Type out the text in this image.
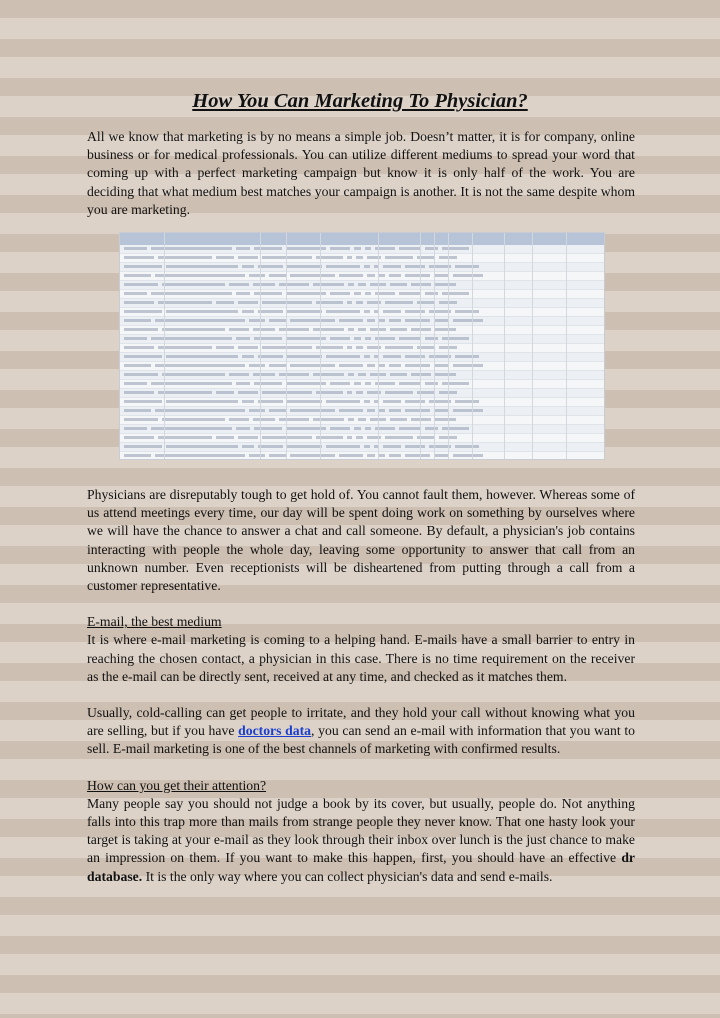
How You Can Marketing To Physician?

All we know that marketing is by no means a simple job. Doesn’t matter, it is for company, online business or for medical professionals. You can utilize different mediums to spread your word that coming up with a perfect marketing campaign but know it is only half of the work. You are deciding that what medium best matches your campaign is another. It is not the same despite whom you are marketing.

Physicians are disreputably tough to get hold of. You cannot fault them, however. Whereas some of us attend meetings every time, our day will be spent doing work on something by ourselves where we will have the chance to answer a chat and call someone. By default, a physician's job contains interacting with people the whole day, leaving some opportunity to answer that call from an unknown number. Even receptionists will be disheartened from putting through a call from a customer representative.

E-mail, the best medium
It is where e-mail marketing is coming to a helping hand. E-mails have a small barrier to entry in reaching the chosen contact, a physician in this case. There is no time requirement on the receiver as the e-mail can be directly sent, received at any time, and checked as it matches them.

Usually, cold-calling can get people to irritate, and they hold your call without knowing what you are selling, but if you have doctors data, you can send an e-mail with information that you want to sell. E-mail marketing is one of the best channels of marketing with confirmed results.

How can you get their attention?
Many people say you should not judge a book by its cover, but usually, people do. Not anything falls into this trap more than mails from strange people they never know. That one hasty look your target is taking at your e-mail as they look through their inbox over lunch is the just chance to make an impression on them. If you want to make this happen, first, you should have an effective dr database. It is the only way where you can collect physician's data and send e-mails.
